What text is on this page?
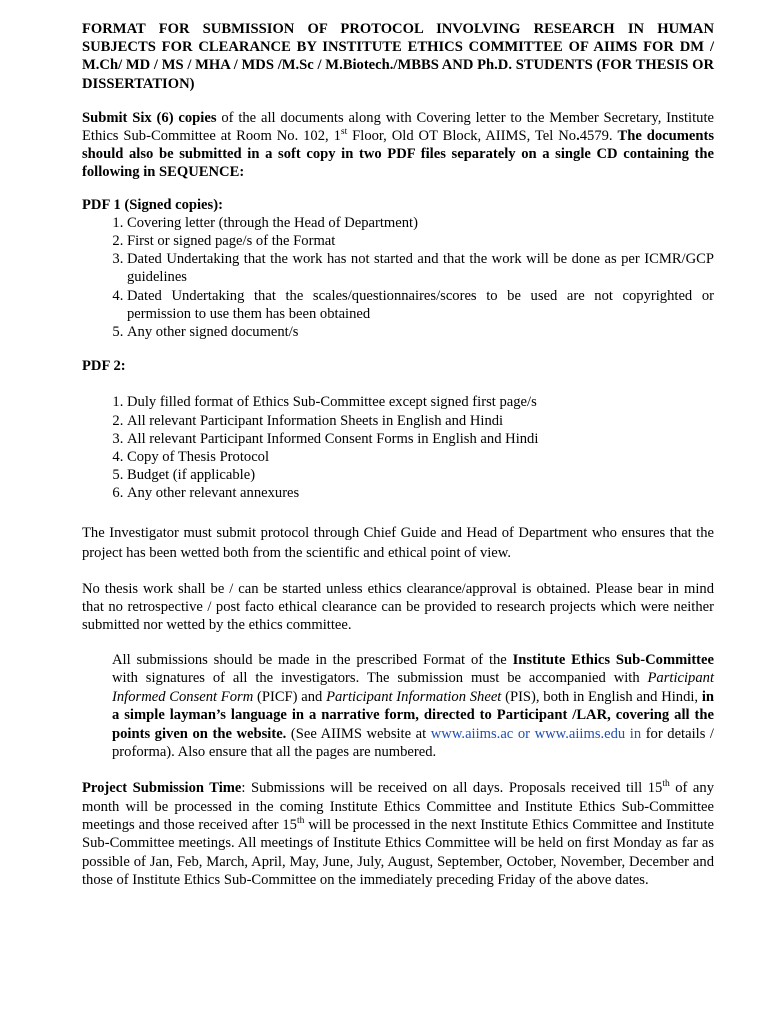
FORMAT FOR SUBMISSION OF PROTOCOL INVOLVING RESEARCH IN HUMAN SUBJECTS FOR CLEARANCE BY INSTITUTE ETHICS COMMITTEE OF AIIMS FOR DM / M.Ch/ MD / MS / MHA / MDS /M.Sc / M.Biotech./MBBS AND Ph.D. STUDENTS (FOR THESIS OR DISSERTATION)

Submit Six (6) copies of the all documents along with Covering letter to the Member Secretary, Institute Ethics Sub-Committee at Room No. 102, 1st Floor, Old OT Block, AIIMS, Tel No.4579. The documents should also be submitted in a soft copy in two PDF files separately on a single CD containing the following in SEQUENCE:

PDF 1 (Signed copies):

1. Covering letter (through the Head of Department)
2. First or signed page/s of the Format
3. Dated Undertaking that the work has not started and that the work will be done as per ICMR/GCP guidelines
4. Dated Undertaking that the scales/questionnaires/scores to be used are not copyrighted or permission to use them has been obtained
5. Any other signed document/s

PDF 2:

1. Duly filled format of Ethics Sub-Committee except signed first page/s
2. All relevant Participant Information Sheets in English and Hindi
3. All relevant Participant Informed Consent Forms in English and Hindi
4. Copy of Thesis Protocol
5. Budget (if applicable)
6. Any other relevant annexures

The Investigator must submit protocol through Chief Guide and Head of Department who ensures that the project has been wetted both from the scientific and ethical point of view.

No thesis work shall be / can be started unless ethics clearance/approval is obtained. Please bear in mind that no retrospective / post facto ethical clearance can be provided to research projects which were neither submitted nor wetted by the ethics committee.

All submissions should be made in the prescribed Format of the Institute Ethics Sub-Committee with signatures of all the investigators. The submission must be accompanied with Participant Informed Consent Form (PICF) and Participant Information Sheet (PIS), both in English and Hindi, in a simple layman’s language in a narrative form, directed to Participant /LAR, covering all the points given on the website. (See AIIMS website at www.aiims.ac or www.aiims.edu in for details / proforma). Also ensure that all the pages are numbered.

Project Submission Time: Submissions will be received on all days. Proposals received till 15th of any month will be processed in the coming Institute Ethics Committee and Institute Ethics Sub-Committee meetings and those received after 15th will be processed in the next Institute Ethics Committee and Institute Sub-Committee meetings. All meetings of Institute Ethics Committee will be held on first Monday as far as possible of Jan, Feb, March, April, May, June, July, August, September, October, November, December and those of Institute Ethics Sub-Committee on the immediately preceding Friday of the above dates.
